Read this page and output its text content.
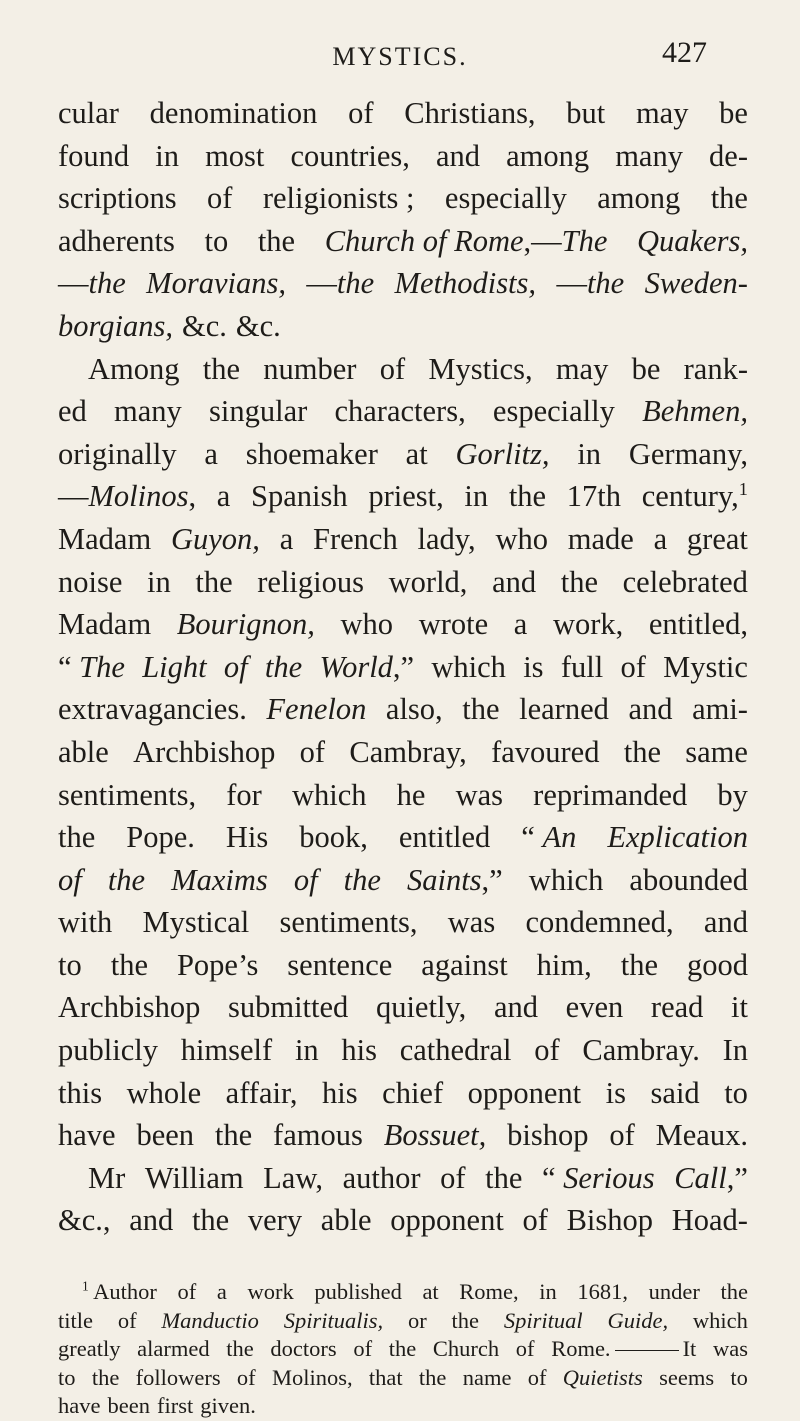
MYSTICS.	427
cular denomination of Christians, but may be
found in most countries, and among many de-
scriptions of religionists ; especially among the
adherents to the Church of Rome,—The Quakers,
—the Moravians, —the Methodists, —the Sweden-
borgians, &c. &c.
Among the number of Mystics, may be rank-
ed many singular characters, especially Behmen,
originally a shoemaker at Gorlitz, in Germany,
—Molinos, a Spanish priest, in the 17th century,$^1$
Madam Guyon, a French lady, who made a great
noise in the religious world, and the celebrated
Madam Bourignon, who wrote a work, entitled,
“ The Light of the World,” which is full of Mystic
extravagancies. Fenelon also, the learned and ami-
able Archbishop of Cambray, favoured the same
sentiments, for which he was reprimanded by
the Pope. His book, entitled “ An Explication
of the Maxims of the Saints,” which abounded
with Mystical sentiments, was condemned, and
to the Pope’s sentence against him, the good
Archbishop submitted quietly, and even read it
publicly himself in his cathedral of Cambray. In
this whole affair, his chief opponent is said to
have been the famous Bossuet, bishop of Meaux.
Mr William Law, author of the “ Serious Call,”
&c., and the very able opponent of Bishop Hoad-
$^1$ Author of a work published at Rome, in 1681, under the
title of Manductio Spiritualis, or the Spiritual Guide, which
greatly alarmed the doctors of the Church of Rome.	It was
to the followers of Molinos, that the name of Quietists seems to
have been first given.
